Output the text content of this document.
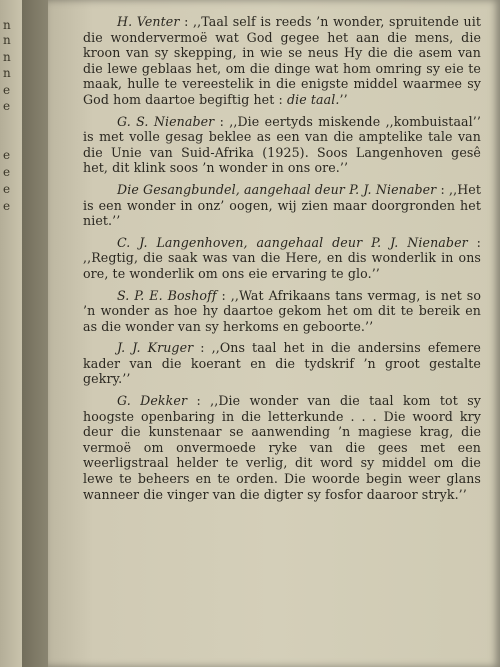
n
n
n
n
e
e
e
e
e
e

H. Venter : ,,Taal self is reeds ’n wonder, spruitende uit die wondervermoë wat God gegee het aan die mens, die kroon van sy skepping, in wie se neus Hy die die asem van die lewe geblaas het, om die dinge wat hom omring sy eie te maak, hulle te vereestelik in die enigste middel waarmee sy God hom daartoe begiftig het : die taal.’’

G. S. Nienaber : ,,Die eertyds miskende ,,kombuistaal’’ is met volle gesag beklee as een van die amptelike tale van die Unie van Suid-Afrika (1925). Soos Langenhoven gesê het, dit klink soos ’n wonder in ons ore.’’

Die Gesangbundel, aangehaal deur P. J. Nienaber : ,,Het is een wonder in onz’ oogen, wij zien maar doorgronden het niet.’’

C. J. Langenhoven, aangehaal deur P. J. Nienaber : ,,Regtig, die saak was van die Here, en dis wonderlik in ons ore, te wonderlik om ons eie ervaring te glo.’’

S. P. E. Boshoff : ,,Wat Afrikaans tans vermag, is net so ’n wonder as hoe hy daartoe gekom het om dit te bereik en as die wonder van sy herkoms en geboorte.’’

J. J. Kruger : ,,Ons taal het in die andersins efemere kader van die koerant en die tydskrif ’n groot gestalte gekry.’’

G. Dekker : ,,Die wonder van die taal kom tot sy hoogste openbaring in die letterkunde . . . Die woord kry deur die kunstenaar se aanwending ’n magiese krag, die vermoë om onvermoede ryke van die gees met een weerligstraal helder te verlig, dit word sy middel om die lewe te beheers en te orden. Die woorde begin weer glans wanneer die vinger van die digter sy fosfor daaroor stryk.’’
